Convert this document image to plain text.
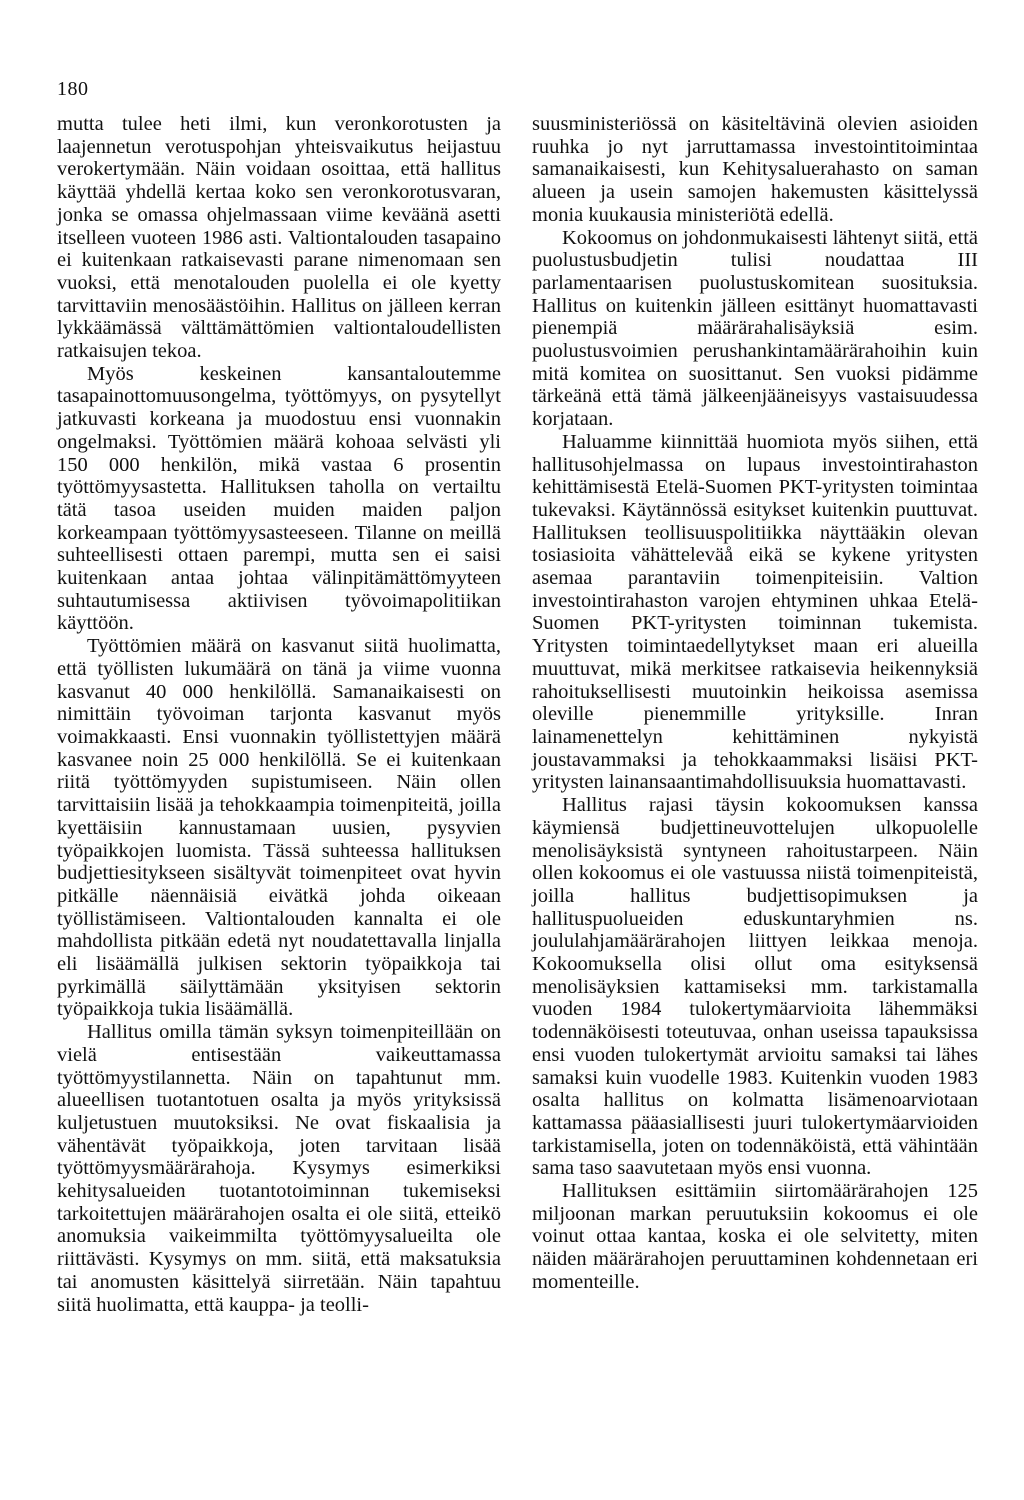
180

mutta tulee heti ilmi, kun veronkorotusten ja laajennetun verotuspohjan yhteisvaikutus heijastuu verokertymään. Näin voidaan osoittaa, että hallitus käyttää yhdellä kertaa koko sen veronkorotusvaran, jonka se omassa ohjelmassaan viime keväänä asetti itselleen vuoteen 1986 asti. Valtiontalouden tasapaino ei kuitenkaan ratkaisevasti parane nimenomaan sen vuoksi, että menotalouden puolella ei ole kyetty tarvittaviin menosäästöihin. Hallitus on jälleen kerran lykkäämässä välttämättömien valtiontaloudellisten ratkaisujen tekoa.

Myös keskeinen kansantaloutemme tasapainottomuusongelma, työttömyys, on pysytellyt jatkuvasti korkeana ja muodostuu ensi vuonnakin ongelmaksi. Työttömien määrä kohoaa selvästi yli 150 000 henkilön, mikä vastaa 6 prosentin työttömyysastetta. Hallituksen taholla on vertailtu tätä tasoa useiden muiden maiden paljon korkeampaan työttömyysasteeseen. Tilanne on meillä suhteellisesti ottaen parempi, mutta sen ei saisi kuitenkaan antaa johtaa välinpitämättömyyteen suhtautumisessa aktiivisen työvoimapolitiikan käyttöön.

Työttömien määrä on kasvanut siitä huolimatta, että työllisten lukumäärä on tänä ja viime vuonna kasvanut 40 000 henkilöllä. Samanaikaisesti on nimittäin työvoiman tarjonta kasvanut myös voimakkaasti. Ensi vuonnakin työllistettyjen määrä kasvanee noin 25 000 henkilöllä. Se ei kuitenkaan riitä työttömyyden supistumiseen. Näin ollen tarvittaisiin lisää ja tehokkaampia toimenpiteitä, joilla kyettäisiin kannustamaan uusien, pysyvien työpaikkojen luomista. Tässä suhteessa hallituksen budjettiesitykseen sisältyvät toimenpiteet ovat hyvin pitkälle näennäisiä eivätkä johda oikeaan työllistämiseen. Valtiontalouden kannalta ei ole mahdollista pitkään edetä nyt noudatettavalla linjalla eli lisäämällä julkisen sektorin työpaikkoja tai pyrkimällä säilyttämään yksityisen sektorin työpaikkoja tukia lisäämällä.

Hallitus omilla tämän syksyn toimenpiteillään on vielä entisestään vaikeuttamassa työttömyystilannetta. Näin on tapahtunut mm. alueellisen tuotantotuen osalta ja myös yrityksissä kuljetustuen muutoksiksi. Ne ovat fiskaalisia ja vähentävät työpaikkoja, joten tarvitaan lisää työttömyysmäärärahoja. Kysymys esimerkiksi kehitysalueiden tuotantotoiminnan tukemiseksi tarkoitettujen määrärahojen osalta ei ole siitä, etteikö anomuksia vaikeimmilta työttömyysalueilta ole riittävästi. Kysymys on mm. siitä, että maksatuksia tai anomusten käsittelyä siirretään. Näin tapahtuu siitä huolimatta, että kauppa- ja teolli-

suusministeriössä on käsiteltävinä olevien asioiden ruuhka jo nyt jarruttamassa investointitoimintaa samanaikaisesti, kun Kehitysaluerahasto on saman alueen ja usein samojen hakemusten käsittelyssä monia kuukausia ministeriötä edellä.

Kokoomus on johdonmukaisesti lähtenyt siitä, että puolustusbudjetin tulisi noudattaa III parlamentaarisen puolustuskomitean suosituksia. Hallitus on kuitenkin jälleen esittänyt huomattavasti pienempiä määrärahalisäyksiä esim. puolustusvoimien perushankintamäärärahoihin kuin mitä komitea on suosittanut. Sen vuoksi pidämme tärkeänä että tämä jälkeenjääneisyys vastaisuudessa korjataan.

Haluamme kiinnittää huomiota myös siihen, että hallitusohjelmassa on lupaus investointirahaston kehittämisestä Etelä-Suomen PKT-yritysten toimintaa tukevaksi. Käytännössä esitykset kuitenkin puuttuvat. Hallituksen teollisuuspolitiikka näyttääkin olevan tosiasioita vähätteleväå eikä se kykene yritysten asemaa parantaviin toimenpiteisiin. Valtion investointirahaston varojen ehtyminen uhkaa Etelä-Suomen PKT-yritysten toiminnan tukemista. Yritysten toimintaedellytykset maan eri alueilla muuttuvat, mikä merkitsee ratkaisevia heikennyksiä rahoituksellisesti muutoinkin heikoissa asemissa oleville pienemmille yrityksille. Inran lainamenettelyn kehittäminen nykyistä joustavammaksi ja tehokkaammaksi lisäisi PKT-yritysten lainansaantimahdollisuuksia huomattavasti.

Hallitus rajasi täysin kokoomuksen kanssa käymiensä budjettineuvottelujen ulkopuolelle menolisäyksistä syntyneen rahoitustarpeen. Näin ollen kokoomus ei ole vastuussa niistä toimenpiteistä, joilla hallitus budjettisopimuksen ja hallituspuolueiden eduskuntaryhmien ns. joululahjamäärärahojen liittyen leikkaa menoja. Kokoomuksella olisi ollut oma esityksensä menolisäyksien kattamiseksi mm. tarkistamalla vuoden 1984 tulokertymäarvioita lähemmäksi todennäköisesti toteutuvaa, onhan useissa tapauksissa ensi vuoden tulokertymät arvioitu samaksi tai lähes samaksi kuin vuodelle 1983. Kuitenkin vuoden 1983 osalta hallitus on kolmatta lisämenoarviotaan kattamassa pääasiallisesti juuri tulokertymäarvioiden tarkistamisella, joten on todennäköistä, että vähintään sama taso saavutetaan myös ensi vuonna.

Hallituksen esittämiin siirtomäärärahojen 125 miljoonan markan peruutuksiin kokoomus ei ole voinut ottaa kantaa, koska ei ole selvitetty, miten näiden määrärahojen peruuttaminen kohdennetaan eri momenteille.
